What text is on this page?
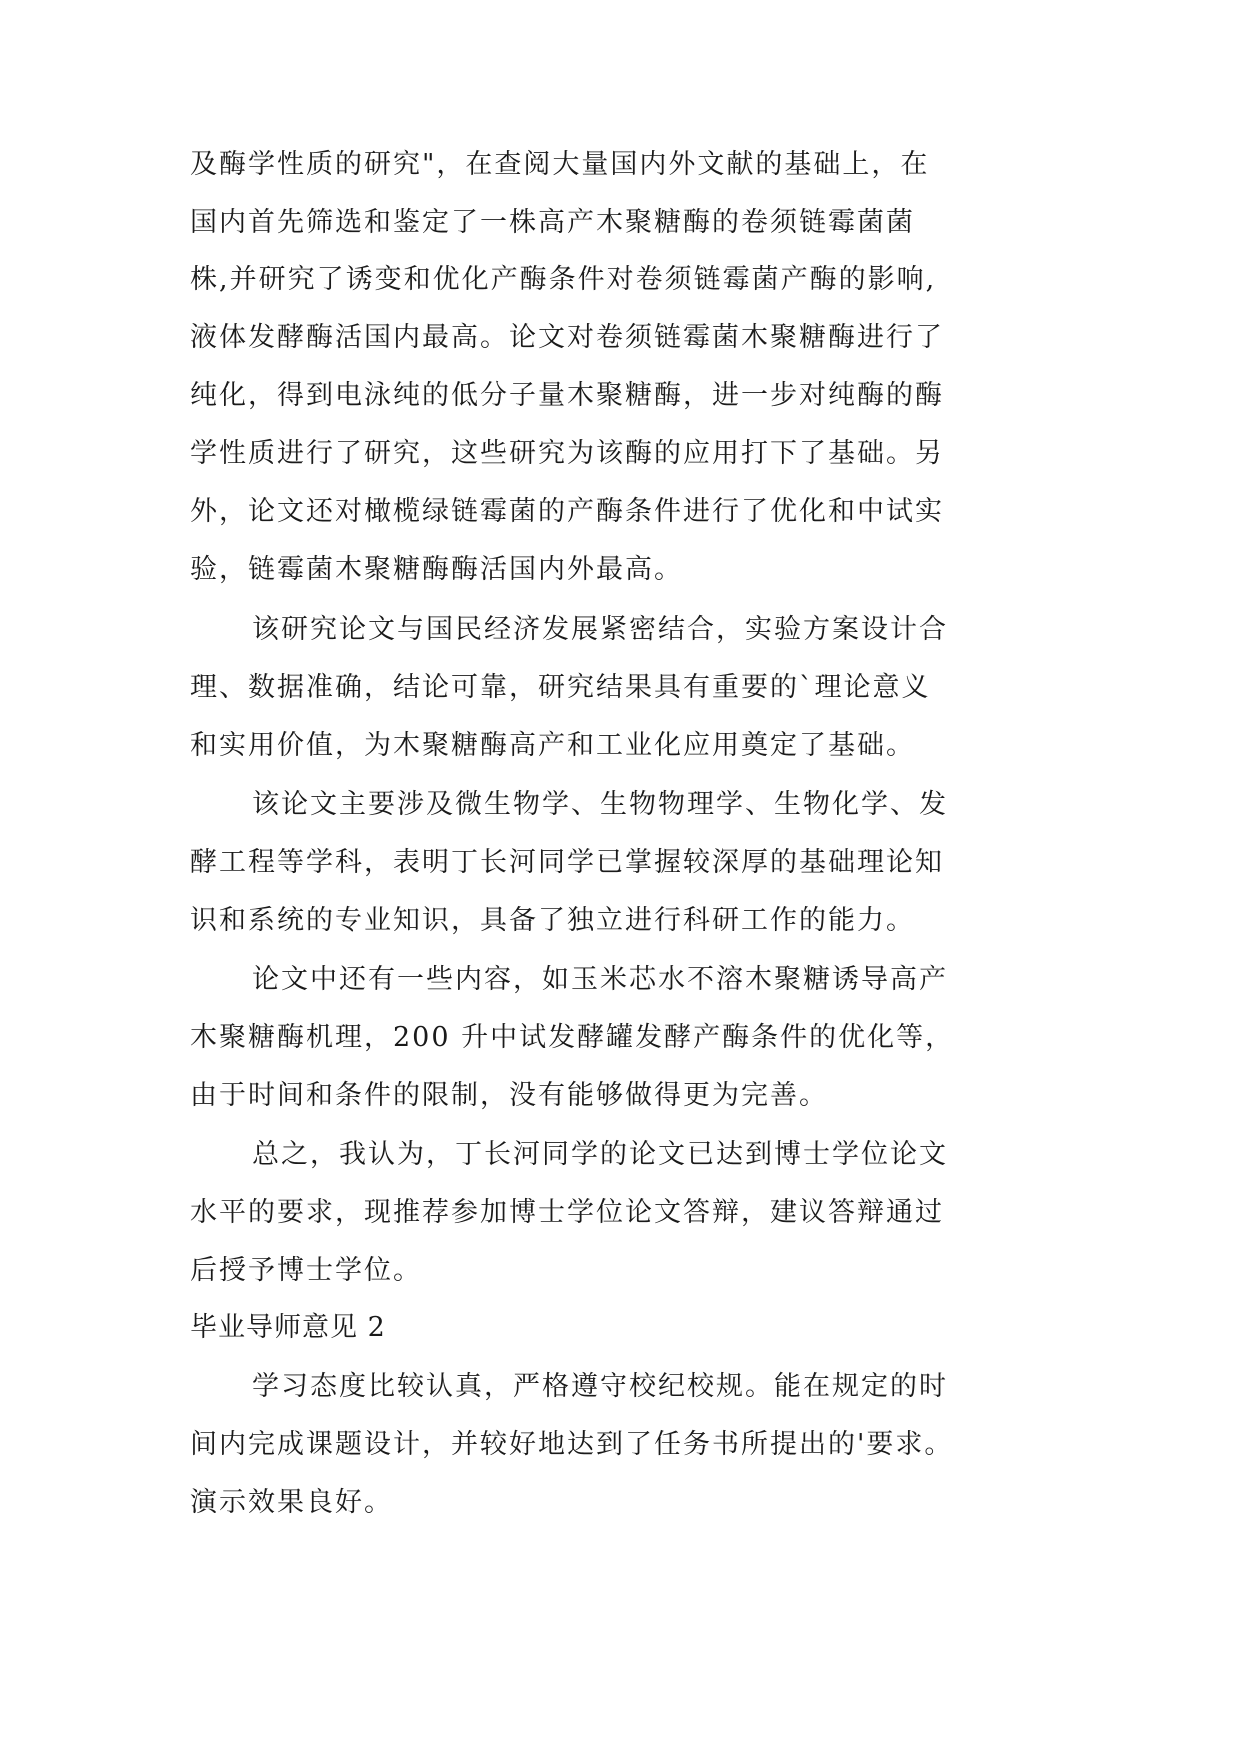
及酶学性质的研究"，在查阅大量国内外文献的基础上，在
国内首先筛选和鉴定了一株高产木聚糖酶的卷须链霉菌菌
株,并研究了诱变和优化产酶条件对卷须链霉菌产酶的影响,
液体发酵酶活国内最高。论文对卷须链霉菌木聚糖酶进行了
纯化，得到电泳纯的低分子量木聚糖酶，进一步对纯酶的酶
学性质进行了研究，这些研究为该酶的应用打下了基础。另
外，论文还对橄榄绿链霉菌的产酶条件进行了优化和中试实
验，链霉菌木聚糖酶酶活国内外最高。
该研究论文与国民经济发展紧密结合，实验方案设计合
理、数据准确，结论可靠，研究结果具有重要的`理论意义
和实用价值，为木聚糖酶高产和工业化应用奠定了基础。
该论文主要涉及微生物学、生物物理学、生物化学、发
酵工程等学科，表明丁长河同学已掌握较深厚的基础理论知
识和系统的专业知识，具备了独立进行科研工作的能力。
论文中还有一些内容，如玉米芯水不溶木聚糖诱导高产
木聚糖酶机理，200 升中试发酵罐发酵产酶条件的优化等，
由于时间和条件的限制，没有能够做得更为完善。
总之，我认为，丁长河同学的论文已达到博士学位论文
水平的要求，现推荐参加博士学位论文答辩，建议答辩通过
后授予博士学位。
毕业导师意见 2
学习态度比较认真，严格遵守校纪校规。能在规定的时
间内完成课题设计，并较好地达到了任务书所提出的'要求。
演示效果良好。
